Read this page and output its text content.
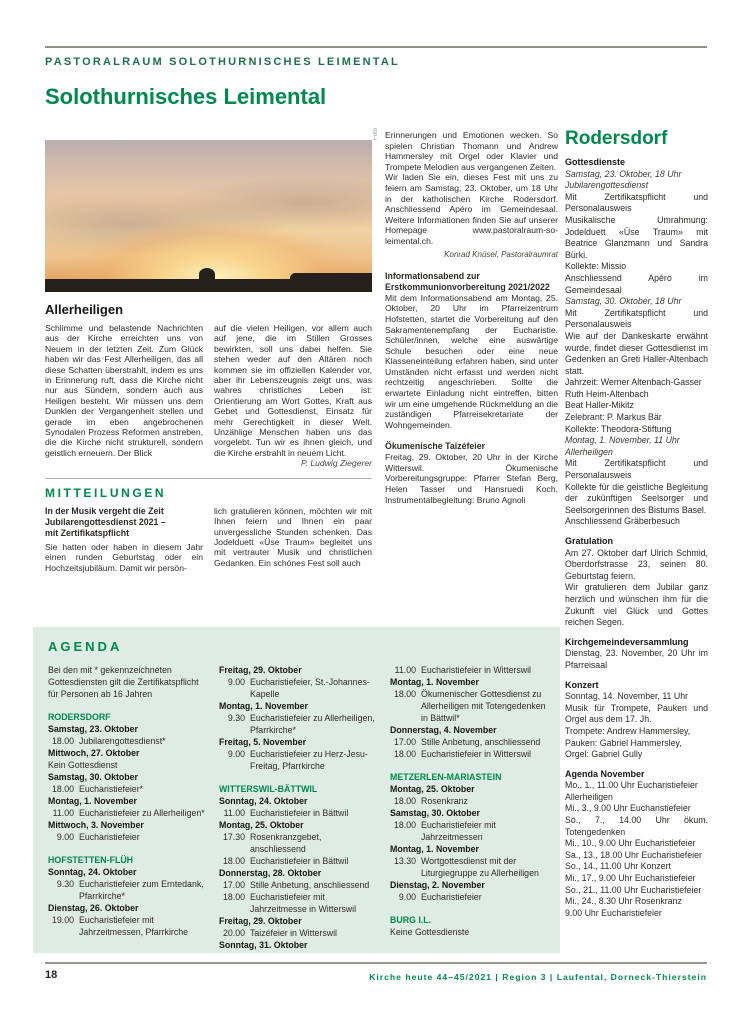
PASTORALRAUM SOLOTHURNISCHES LEIMENTAL
Solothurnisches Leimental
Allerheiligen
Schlimme und belastende Nachrichten aus der Kirche erreichten uns von Neuem in der letzten Zeit. Zum Glück haben wir das Fest Allerheiligen, das all diese Schatten überstrahlt, indem es uns in Erinnerung ruft, dass die Kirche nicht nur aus Sündern, sondern auch aus Heiligen besteht. Wir müssen uns dem Dunklen der Vergangenheit stellen und gerade im eben angebrochenen Synodalen Prozess Reformen anstreben, die die Kirche nicht strukturell, sondern geistlich erneuern. Der Blick
auf die vielen Heiligen, vor allem auch auf jene, die im Stillen Grosses bewirkten, soll uns dabei helfen. Sie stehen weder auf den Altären noch kommen sie im offiziellen Kalender vor, aber ihr Lebenszeugnis zeigt uns, was wahres christliches Leben ist: Orientierung am Wort Gottes, Kraft aus Gebet und Gottesdienst, Einsatz für mehr Gerechtigkeit in dieser Welt. Unzählige Menschen haben uns das vorgelebt. Tun wir es ihnen gleich, und die Kirche erstrahlt in neuem Licht.
P. Ludwig Ziegerer
MITTEILUNGEN
In der Musik vergeht die Zeit
Jubilarengottesdienst 2021 –
mit Zertifikatspflicht
Sie hatten oder haben in diesem Jahr einen runden Geburtstag oder ein Hochzeitsjubiläum. Damit wir persön-
lich gratulieren können, möchten wir mit Ihnen feiern und Ihnen ein paar unvergessliche Stunden schenken. Das Jodelduett «Üse Traum» begleitet uns mit vertrauter Musik und christlichen Gedanken. Ein schönes Fest soll auch
Foto Erinnerungen und Emotionen wecken. So spielen Christian Thomann und Andrew Hammersley mit Orgel oder Klavier und Trompete Melodien aus vergangenen Zeiten.

Wir laden Sie ein, dieses Fest mit uns zu feiern am Samstag, 23. Oktober, um 18 Uhr in der katholischen Kirche Rodersdorf. Anschliessend Apéro im Gemeindesaal. Weitere Informationen finden Sie auf unserer Homepage www.pastoralraum-so-leimental.ch.

Konrad Knüsel, Pastoralraumrat
Informationsabend zur Erstkommunionvorbereitung 2021/2022

Mit dem Informationsabend am Montag, 25. Oktober, 20 Uhr im Pfarreizentrum Hofstetten, startet die Vorbereitung auf den Sakramentenempfang der Eucharistie. Schüler/innen, welche eine auswärtige Schule besuchen oder eine neue Klasseneinteilung erfahren haben, sind unter Umständen nicht erfasst und werden nicht rechtzeitig angeschrieben. Sollte die erwartete Einladung nicht eintreffen, bitten wir um eine umgehende Rückmeldung an die zuständigen Pfarreisekretariate der Wohngemeinden.

Ökumenische Taizéfeier

Freitag, 29. Oktober, 20 Uhr in der Kirche Witterswil. Ökumenische Vorbereitungsgruppe: Pfarrer Stefan Berg, Helen Tasser und Hansruedi Koch. Instrumentalbegleitung: Bruno Agnoli

Rodersdorf
Gottesdienste
Samstag, 23. Oktober, 18 Uhr
Jubilarengottesdienst
Mit Zertifikatspflicht und Personalausweis
Musikalische Umrahmung: Jodelduett «Üse Traum» mit Beatrice Glanzmann und Sandra Bürki.
Kollekte: Missio
Anschliessend Apéro im Gemeindesaal
Samstag, 30. Oktober, 18 Uhr
Mit Zertifikatspflicht und Personalausweis
Wie auf der Dankeskarte erwähnt wurde, findet dieser Gottesdienst im Gedenken an Greti Haller-Altenbach statt.
Jahrzeit: Werner Altenbach-Gasser
Ruth Heim-Altenbach
Beat Haller-Mikitz
Zelebrant: P. Markus Bär
Kollekte: Theodora-Stiftung
Montag, 1. November, 11 Uhr
Allerheiligen
Mit Zertifikatspflicht und Personalausweis
Kollekte für die geistliche Begleitung der zukünftigen Seelsorger und Seelsorgerinnen des Bistums Basel.
Anschliessend Gräberbesuch
Gratulation
Am 27. Oktober darf Ulrich Schmid, Oberdorfstrasse 23, seinen 80. Geburtstag feiern.
Wir gratulieren dem Jubilar ganz herzlich und wünschen ihm für die Zukunft viel Glück und Gottes reichen Segen.
Kirchgemeindeversammlung
Dienstag, 23. November, 20 Uhr im Pfarreisaal
Konzert
Sonntag, 14. November, 11 Uhr
Musik für Trompete, Pauken und Orgel aus dem 17. Jh.
Trompete: Andrew Hammersley,
Pauken: Gabriel Hammersley,
Orgel: Gabriel Gully
Agenda November
Mo., 1., 11.00 Uhr Eucharistiefeier
Allerheiligen
Mi., 3., 9.00 Uhr Eucharistiefeier
So., 7., 14.00 Uhr ökum. Totengedenken
Mi., 10., 9.00 Uhr Eucharistiefeier
Sa., 13., 18.00 Uhr Eucharistiefeier
So., 14., 11.00 Uhr Konzert
Mi., 17., 9.00 Uhr Eucharistiefeier
So., 21., 11.00 Uhr Eucharistiefeier
Mi., 24., 8.30 Uhr Rosenkranz
9.00 Uhr Eucharistiefeier
AGENDA
Bei den mit * gekennzeichneten Gottesdiensten gilt die Zertifikatspflicht für Personen ab 16 Jahren
RODERSDORF
Samstag, 23. Oktober
18.00 Jubilarengottesdienst*
Mittwoch, 27. Oktober
Kein Gottesdienst
Samstag, 30. Oktober
18.00 Eucharistiefeier*
Montag, 1. November
11.00 Eucharistiefeier zu Allerheiligen*
Mittwoch, 3. November
9.00 Eucharistiefeier
HOFSTETTEN-FLÜH
Sonntag, 24. Oktober
9.30 Eucharistiefeier zum Erntedank, Pfarrkirche*
Dienstag, 26. Oktober
19.00 Eucharistiefeier mit Jahrzeitmessen, Pfarrkirche
Freitag, 29. Oktober
9.00 Eucharistiefeier, St.-Johannes-Kapelle
Montag, 1. November
9.30 Eucharistiefeier zu Allerheiligen, Pfarrkirche*
Freitag, 5. November
9.00 Eucharistiefeier zu Herz-Jesu-Freitag, Pfarrkirche
WITTERSWIL-BÄTTWIL
Sonntag, 24. Oktober
11.00 Eucharistiefeier in Bättwil
Montag, 25. Oktober
17.30 Rosenkranzgebet, anschliessend
18.00 Eucharistiefeier in Bättwil
Donnerstag, 28. Oktober
17.00 Stille Anbetung, anschliessend
18.00 Eucharistiefeier mit Jahrzeitmesse in Witterswil
Freitag, 29. Oktober
20.00 Taizéfeier in Witterswil
Sonntag, 31. Oktober
11.00 Eucharistiefeier in Witterswil
Montag, 1. November
18.00 Ökumenischer Gottesdienst zu Allerheiligen mit Totengedenken in Bättwil*
Donnerstag, 4. November
17.00 Stille Anbetung, anschliessend
18.00 Eucharistiefeier in Witterswil
METZERLEN-MARIASTEIN
Montag, 25. Oktober
18.00 Rosenkranz
Samstag, 30. Oktober
18.00 Eucharistiefeier mit Jahrzeitmessen
Montag, 1. November
13.30 Wortgottesdienst mit der Liturgiegruppe zu Allerheiligen
Dienstag, 2. November
9.00 Eucharistiefeier
BURG I.L.
Keine Gottesdienste
18	Kirche heute 44–45/2021 | Region 3 | Laufental, Dorneck-Thierstein
